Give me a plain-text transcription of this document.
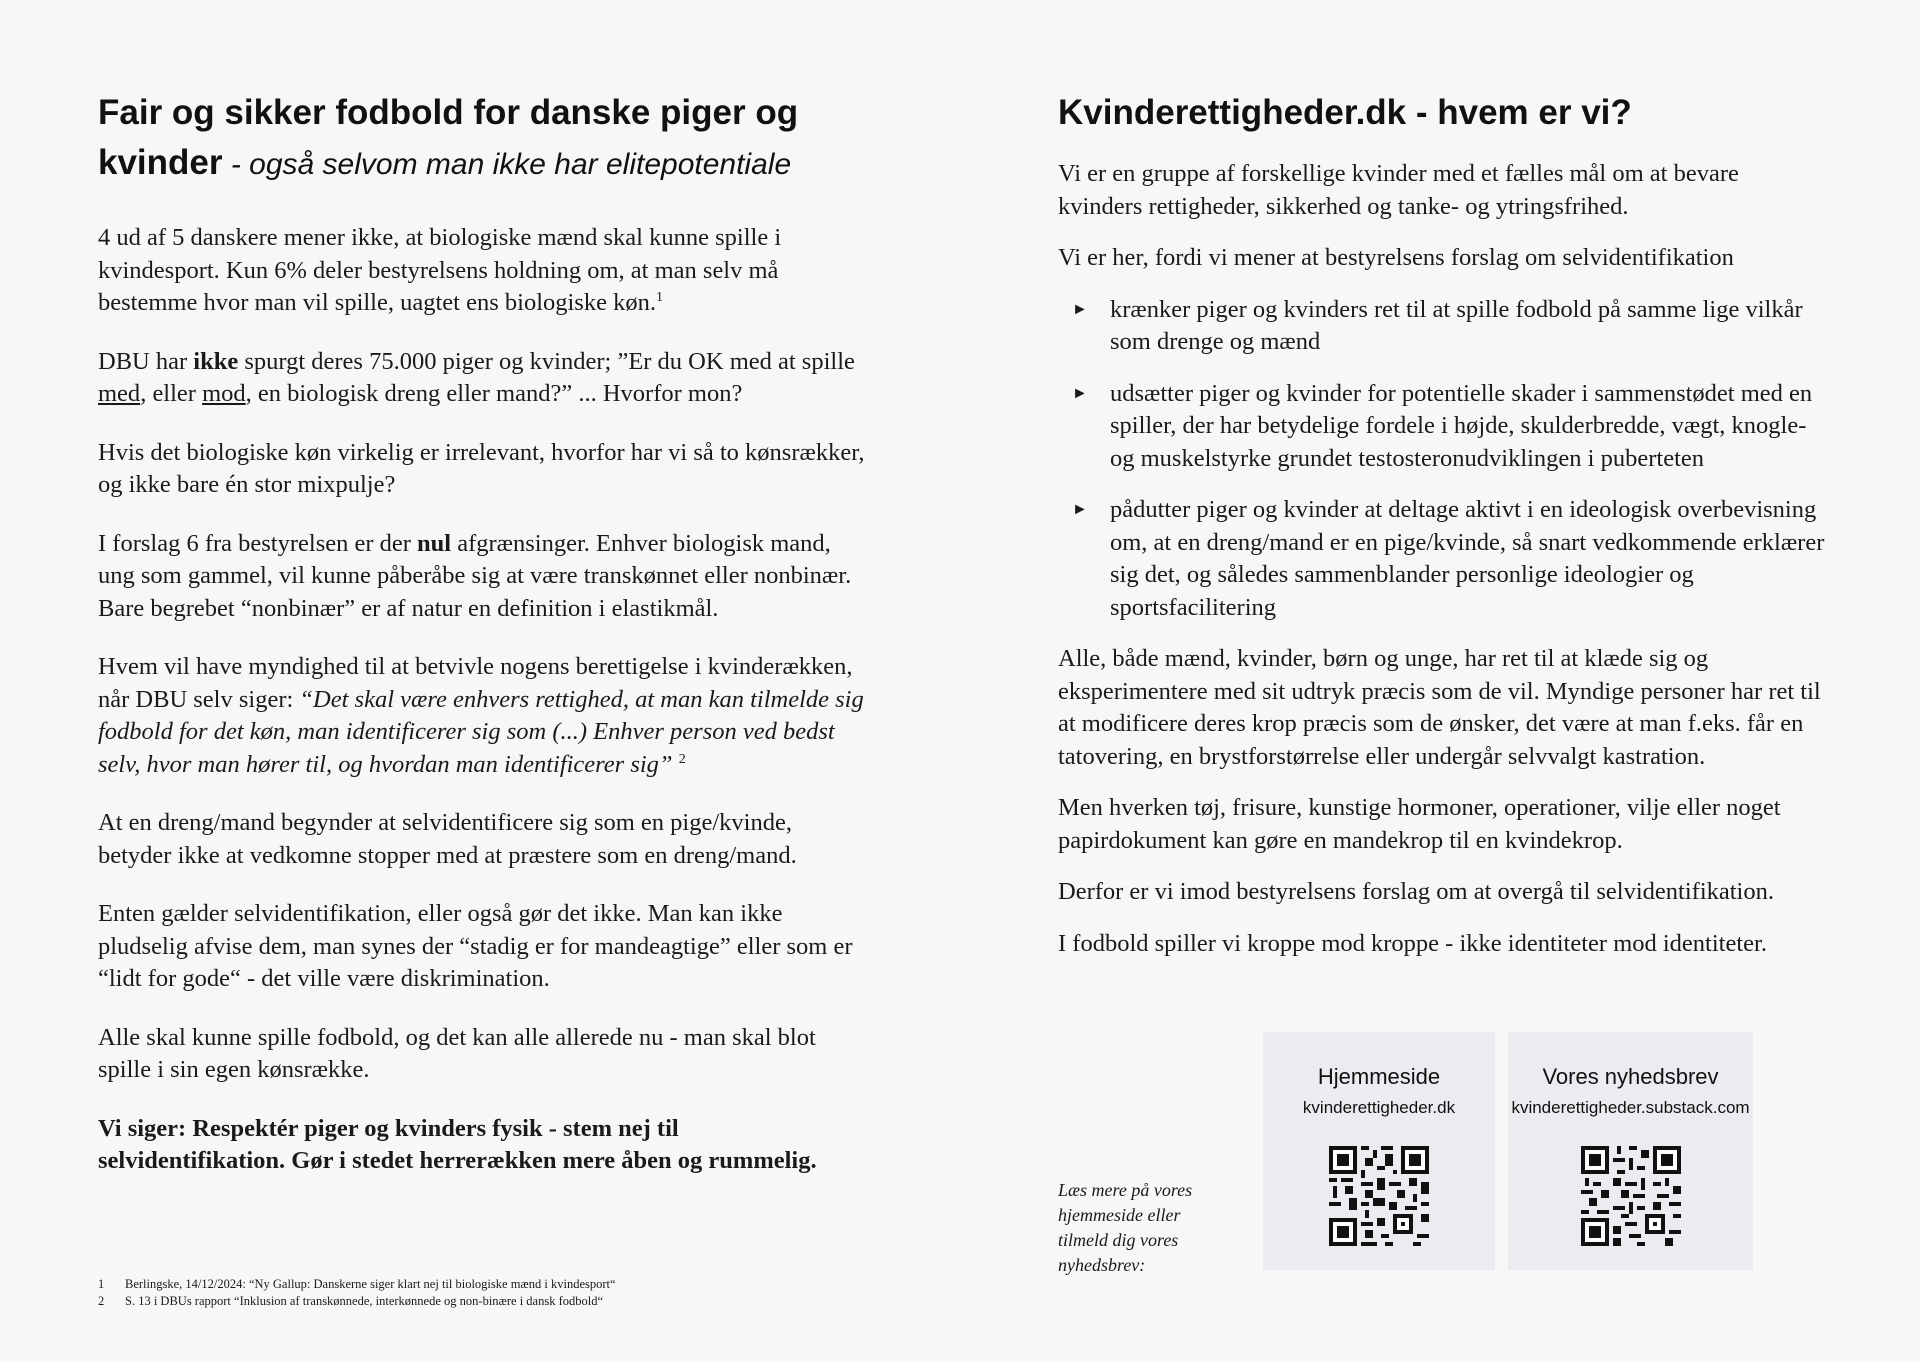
Fair og sikker fodbold for danske piger og kvinder - også selvom man ikke har elitepotentiale

4 ud af 5 danskere mener ikke, at biologiske mænd skal kunne spille i kvindesport. Kun 6% deler bestyrelsens holdning om, at man selv må bestemme hvor man vil spille, uagtet ens biologiske køn.$^1$

DBU har ikke spurgt deres 75.000 piger og kvinder; ”Er du OK med at spille med, eller mod, en biologisk dreng eller mand?” ... Hvorfor mon?

Hvis det biologiske køn virkelig er irrelevant, hvorfor har vi så to kønsrækker, og ikke bare én stor mixpulje?

I forslag 6 fra bestyrelsen er der nul afgrænsinger. Enhver biologisk mand, ung som gammel, vil kunne påberåbe sig at være transkønnet eller nonbinær. Bare begrebet “nonbinær” er af natur en definition i elastikmål.

Hvem vil have myndighed til at betvivle nogens berettigelse i kvinderækken, når DBU selv siger: “Det skal være enhvers rettighed, at man kan tilmelde sig fodbold for det køn, man identificerer sig som (...) Enhver person ved bedst selv, hvor man hører til, og hvordan man identificerer sig” $^2$

At en dreng/mand begynder at selvidentificere sig som en pige/kvinde, betyder ikke at vedkomne stopper med at præstere som en dreng/mand.

Enten gælder selvidentifikation, eller også gør det ikke. Man kan ikke pludselig afvise dem, man synes der “stadig er for mandeagtige” eller som er “lidt for gode“ - det ville være diskrimination.

Alle skal kunne spille fodbold, og det kan alle allerede nu - man skal blot spille i sin egen kønsrække.

Vi siger: Respektér piger og kvinders fysik - stem nej til selvidentifikation. Gør i stedet herrerækken mere åben og rummelig.

1	Berlingske, 14/12/2024: “Ny Gallup: Danskerne siger klart nej til biologiske mænd i kvindesport“
2	S. 13 i DBUs rapport “Inklusion af transkønnede, interkønnede og non-binære i dansk fodbold“
Kvinderettigheder.dk - hvem er vi?

Vi er en gruppe af forskellige kvinder med et fælles mål om at bevare kvinders rettigheder, sikkerhed og tanke- og ytringsfrihed.

Vi er her, fordi vi mener at bestyrelsens forslag om selvidentifikation

► krænker piger og kvinders ret til at spille fodbold på samme lige vilkår som drenge og mænd
► udsætter piger og kvinder for potentielle skader i sammenstødet med en spiller, der har betydelige fordele i højde, skulderbredde, vægt, knogle- og muskelstyrke grundet testosteronudviklingen i puberteten
► pådutter piger og kvinder at deltage aktivt i en ideologisk overbevisning om, at en dreng/mand er en pige/kvinde, så snart vedkommende erklærer sig det, og således sammenblander personlige ideologier og sportsfacilitering

Alle, både mænd, kvinder, børn og unge, har ret til at klæde sig og eksperimentere med sit udtryk præcis som de vil. Myndige personer har ret til at modificere deres krop præcis som de ønsker, det være at man f.eks. får en tatovering, en brystforstørrelse eller undergår selvvalgt kastration.

Men hverken tøj, frisure, kunstige hormoner, operationer, vilje eller noget papirdokument kan gøre en mandekrop til en kvindekrop.

Derfor er vi imod bestyrelsens forslag om at overgå til selvidentifikation.

I fodbold spiller vi kroppe mod kroppe - ikke identiteter mod identiteter.

Læs mere på vores hjemmeside eller tilmeld dig vores nyhedsbrev:
Hjemmeside
kvinderettigheder.dk
Vores nyhedsbrev
kvinderettigheder.substack.com
